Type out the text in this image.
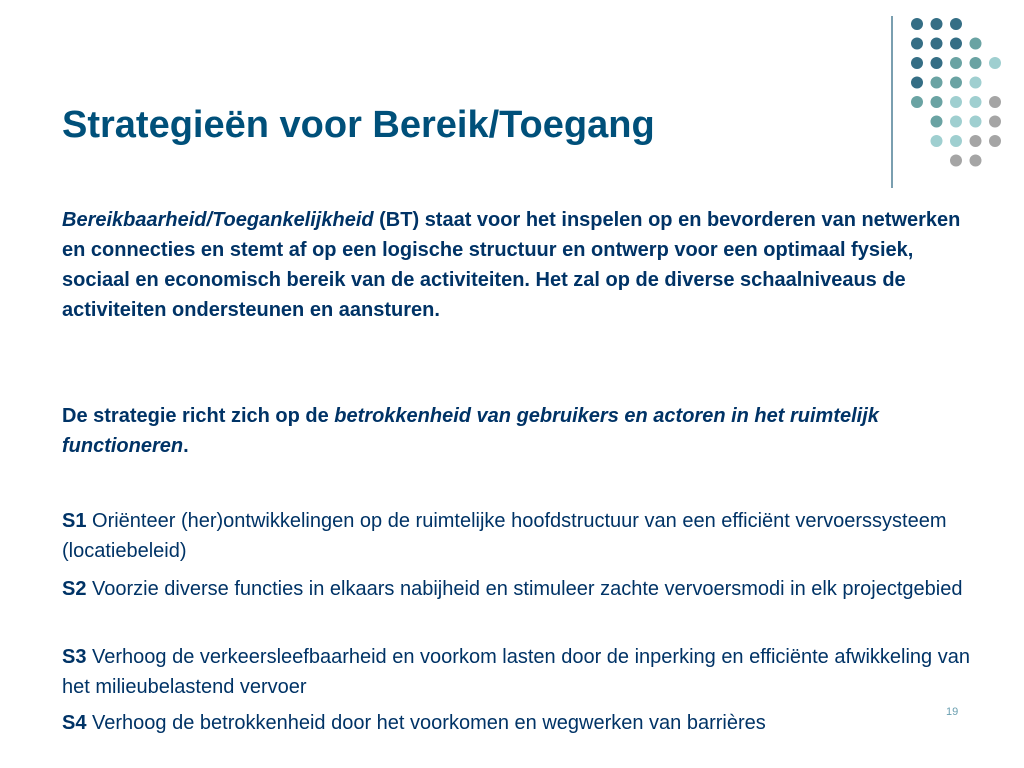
Strategieën voor Bereik/Toegang
Bereikbaarheid/Toegankelijkheid (BT) staat voor het inspelen op en bevorderen van netwerken en connecties en stemt af op een logische structuur en ontwerp voor een optimaal fysiek, sociaal en economisch bereik van de activiteiten. Het zal op de diverse schaalniveaus de activiteiten ondersteunen en aansturen.
De strategie richt zich op de betrokkenheid van gebruikers en actoren in het ruimtelijk functioneren.
S1 Oriënteer (her)ontwikkelingen op de ruimtelijke hoofdstructuur van een efficiënt vervoerssysteem (locatiebeleid)
S2 Voorzie diverse functies in elkaars nabijheid en stimuleer zachte vervoersmodi in elk projectgebied
S3 Verhoog de verkeersleefbaarheid en voorkom lasten door de inperking en efficiënte afwikkeling van het milieubelastend vervoer
S4 Verhoog de betrokkenheid door het voorkomen en wegwerken van barrières	19
